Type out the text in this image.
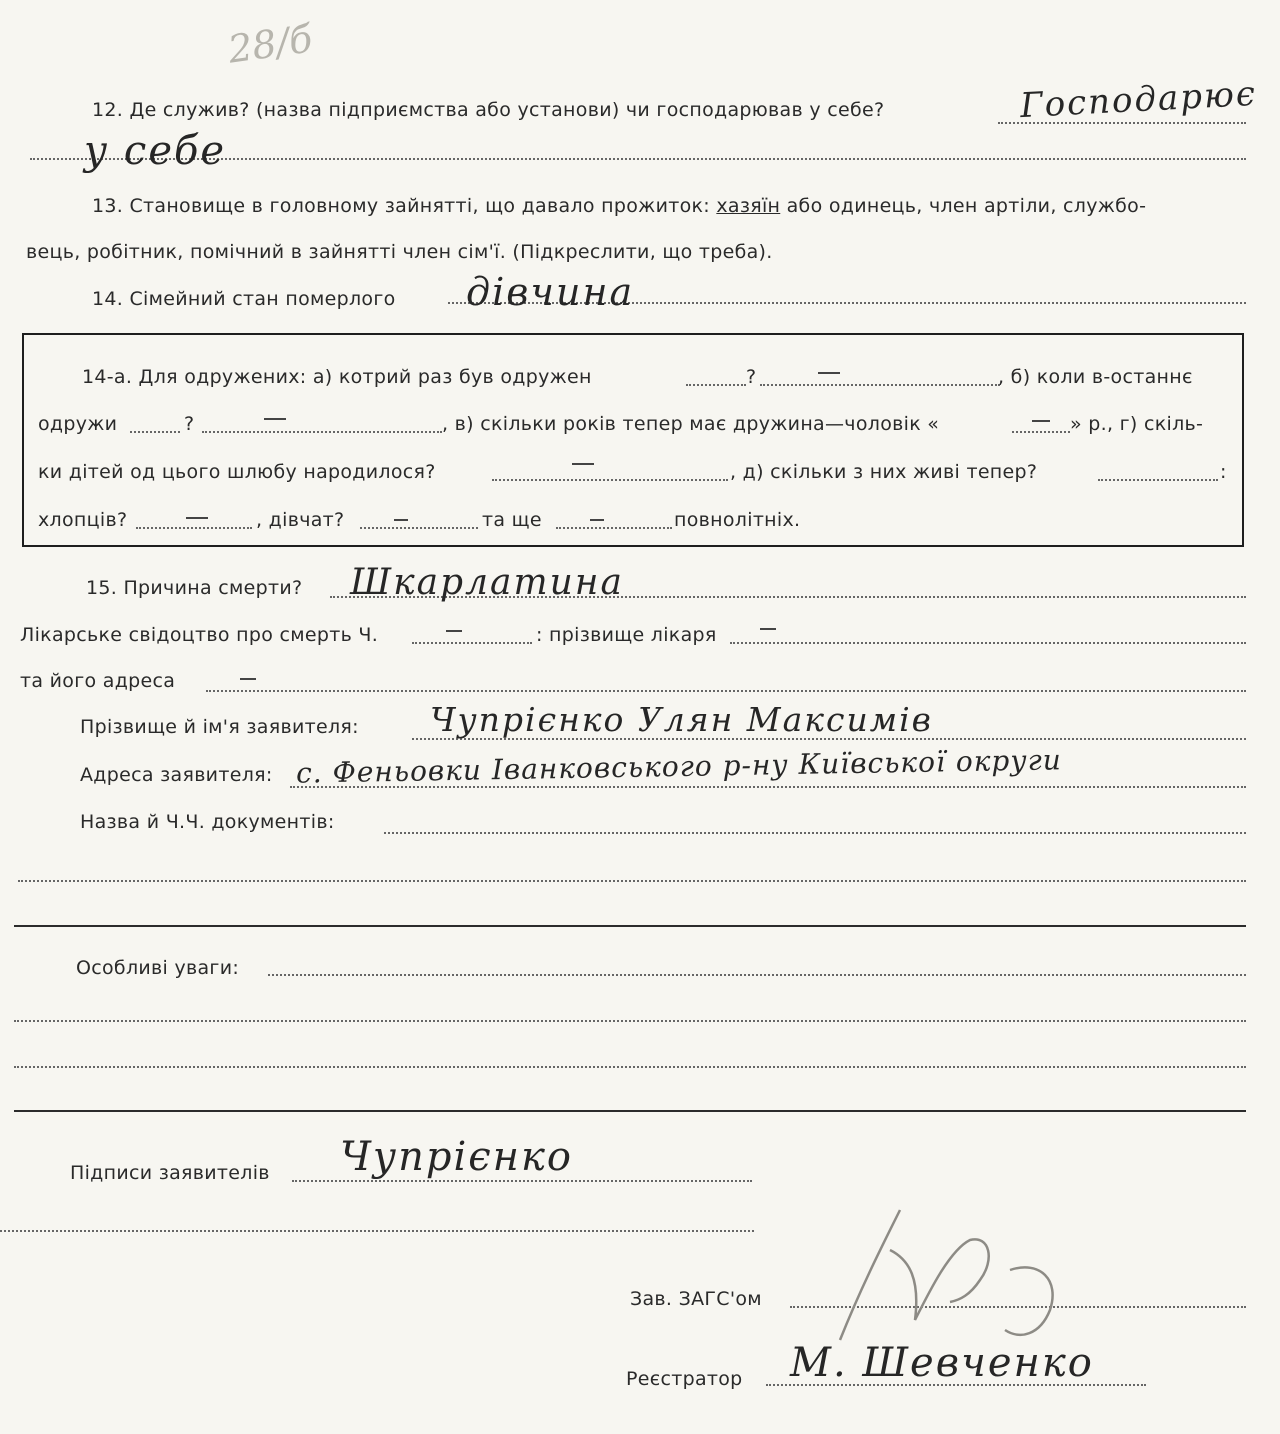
28/б
12. Де служив? (назва підприємства або установи) чи господарював у себе?	Господарює
у себе
13. Становище в головному зайнятті, що давало прожиток: хазяїн або одинець, член артіли, службо-
вець, робітник, помічний в зайнятті член сім'ї. (Підкреслити, що треба).
14. Сімейний стан померлого дівчина
14-а. Для одружених: а) котрий раз був одружен	?	, б) коли в-останнє
одружи	?	, в) скільки років тепер має дружина—чоловік «	» р., г) скіль-
ки дітей од цього шлюбу народилося?	, д) скільки з них живі тепер?	:
хлопців?	, дівчат?	та ще	повнолітніх.
15. Причина смерти? Шкарлатина
Лікарське свідоцтво про смерть Ч.	: прізвище лікаря
та його адреса
Прізвище й ім'я заявителя: Чупрієнко Улян Максимів
Адреса заявителя: с. Феньовки Іванковського р-ну Київської округи
Назва й Ч.Ч. документів:
Особливі уваги:
Підписи заявителів Чупрієнко
Зав. ЗАГС'ом
Реєстратор М. Шевченко
